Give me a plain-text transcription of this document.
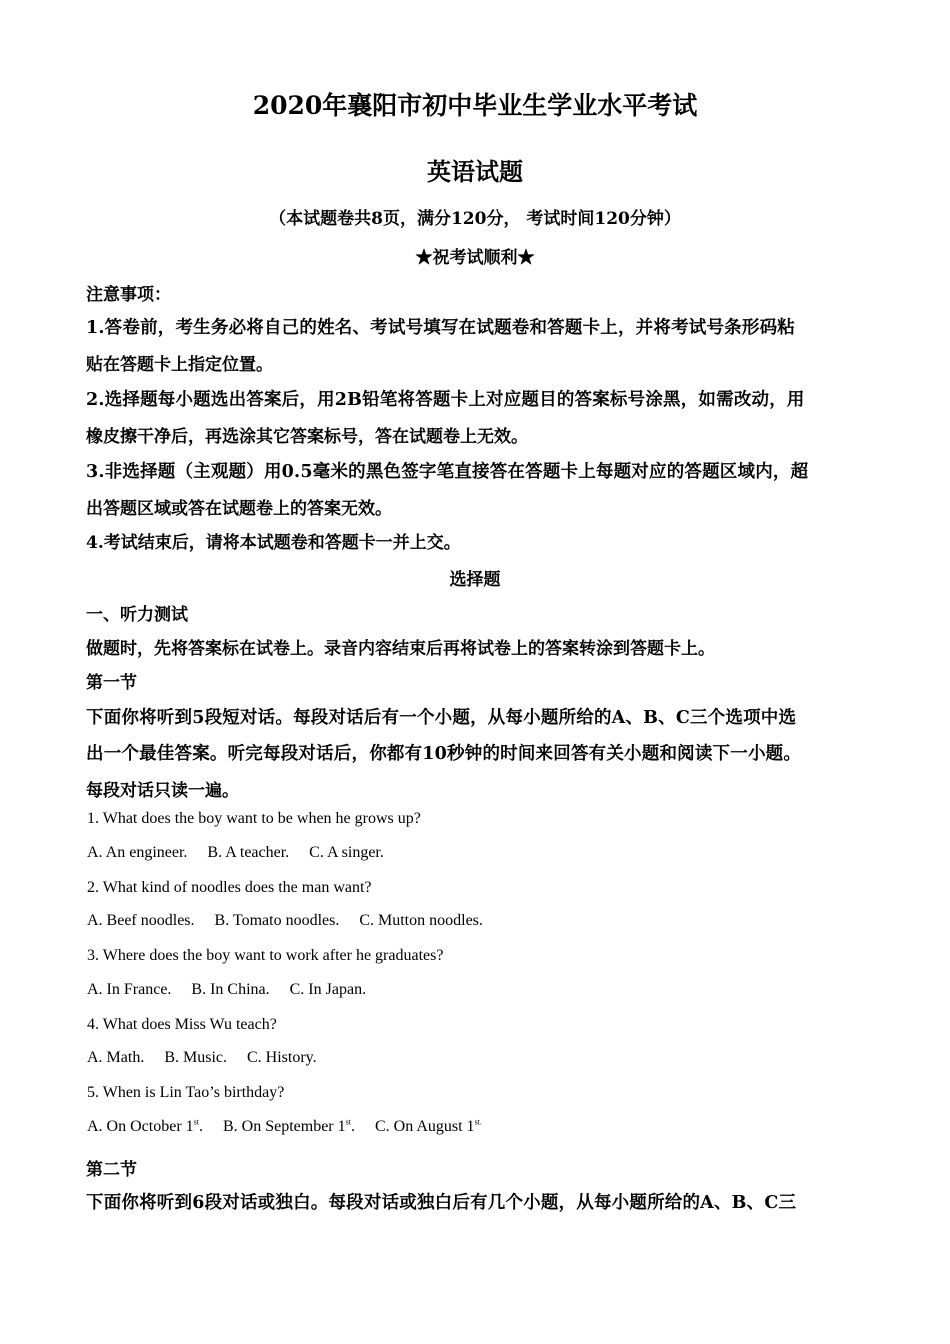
2020年襄阳市初中毕业生学业水平考试
英语试题
（本试题卷共8页，满分120分， 考试时间120分钟）
★祝考试顺利★
注意事项：
1.答卷前，考生务必将自己的姓名、考试号填写在试题卷和答题卡上，并将考试号条形码粘
贴在答题卡上指定位置。
2.选择题每小题选出答案后，用2B铅笔将答题卡上对应题目的答案标号涂黑，如需改动，用
橡皮擦干净后，再选涂其它答案标号，答在试题卷上无效。
3.非选择题（主观题）用0.5毫米的黑色签字笔直接答在答题卡上每题对应的答题区域内，超
出答题区域或答在试题卷上的答案无效。
4.考试结束后，请将本试题卷和答题卡一并上交。
选择题
一、听力测试
做题时，先将答案标在试卷上。录音内容结束后再将试卷上的答案转涂到答题卡上。
第一节
下面你将听到5段短对话。每段对话后有一个小题，从每小题所给的A、B、C三个选项中选
出一个最佳答案。听完每段对话后，你都有10秒钟的时间来回答有关小题和阅读下一小题。
每段对话只读一遍。
1. What does the boy want to be when he grows up?
A. An engineer.     B. A teacher.     C. A singer.
2. What kind of noodles does the man want?
A. Beef noodles.     B. Tomato noodles.     C. Mutton noodles.
3. Where does the boy want to work after he graduates?
A. In France.     B. In China.     C. In Japan.
4. What does Miss Wu teach?
A. Math.     B. Music.     C. History.
5. When is Lin Tao’s birthday?
A. On October 1st.     B. On September 1st.     C. On August $1^{st.}$
第二节
下面你将听到6段对话或独白。每段对话或独白后有几个小题，从每小题所给的A、B、C三
